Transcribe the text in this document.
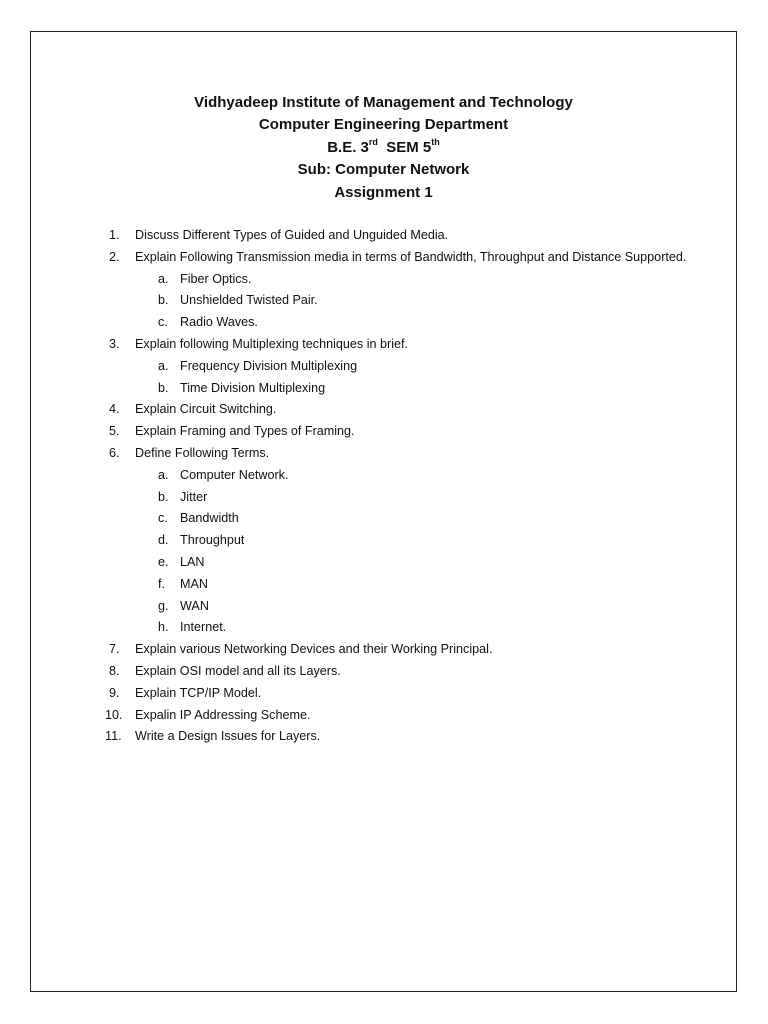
Vidhyadeep Institute of Management and Technology
Computer Engineering Department
B.E. 3rd SEM 5th
Sub: Computer Network
Assignment 1
1.	Discuss Different Types of Guided and Unguided Media.
2.	Explain Following Transmission media in terms of Bandwidth, Throughput and Distance Supported.
a. Fiber Optics.
b. Unshielded Twisted Pair.
c. Radio Waves.
3.	Explain following Multiplexing techniques in brief.
a. Frequency Division Multiplexing
b. Time Division Multiplexing
4.	Explain Circuit Switching.
5.	Explain Framing and Types of Framing.
6.	Define Following Terms.
a. Computer Network.
b. Jitter
c. Bandwidth
d. Throughput
e. LAN
f.	MAN
g. WAN
h. Internet.
7.	Explain various Networking Devices and their Working Principal.
8.	Explain OSI model and all its Layers.
9.	Explain TCP/IP Model.
10. Expalin IP Addressing Scheme.
11.	Write a Design Issues for Layers.
